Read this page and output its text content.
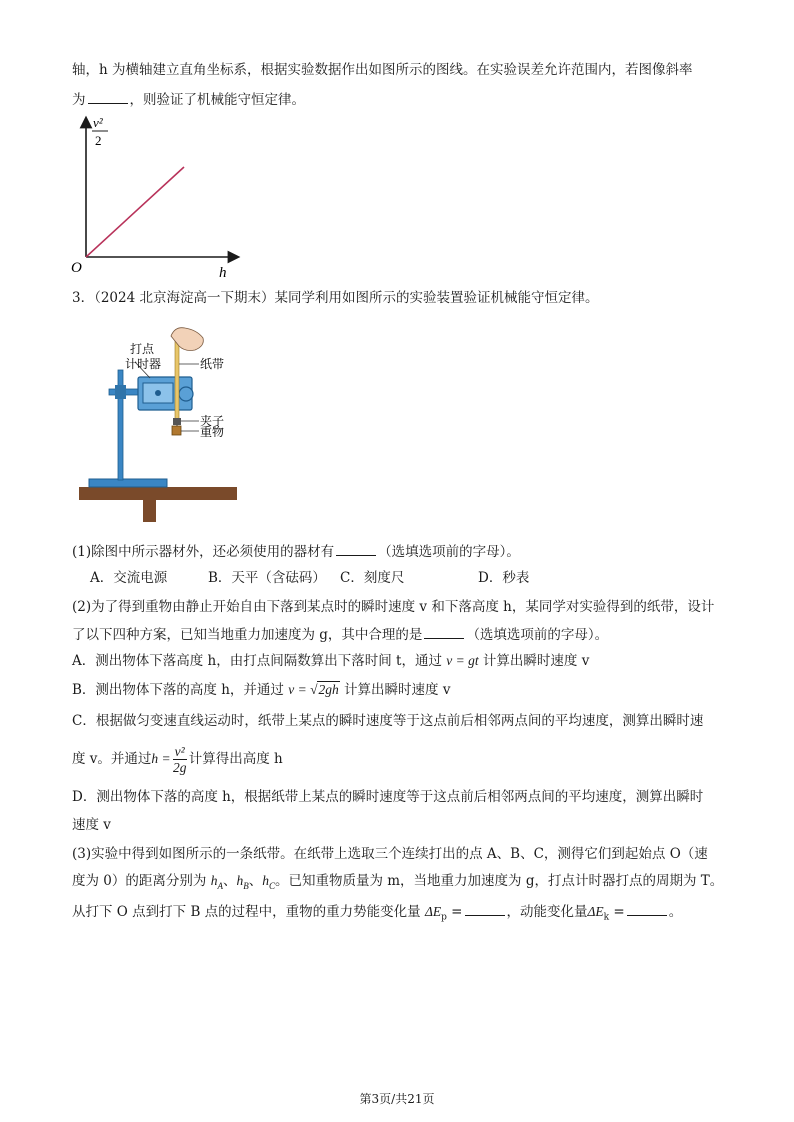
轴，h 为横轴建立直角坐标系，根据实验数据作出如图所示的图线。在实验误差允许范围内，若图像斜率
为	，则验证了机械能守恒定律。
v²
2
O	h
3．（2024 北京海淀高一下期末）某同学利用如图所示的实验装置验证机械能守恒定律。
打点
计时器	纸带
夹子
重物
(1)除图中所示器材外，还必须使用的器材有	（选填选项前的字母）。
A．交流电源	B．天平（含砝码） C．刻度尺	D．秒表
(2)为了得到重物由静止开始自由下落到某点时的瞬时速度 v 和下落高度 h，某同学对实验得到的纸带，设计
了以下四种方案，已知当地重力加速度为 g，其中合理的是	（选填选项前的字母）。
A．测出物体下落高度 h，由打点间隔数算出下落时间 t，通过 v = gt 计算出瞬时速度 v
B．测出物体下落的高度 h，并通过 v = √2gh 计算出瞬时速度 v
C．根据做匀变速直线运动时，纸带上某点的瞬时速度等于这点前后相邻两点间的平均速度，测算出瞬时速
度 v。并通过$h = \frac{\text{v²}}{2g}$ 计算得出高度 h
D．测出物体下落的高度 h，根据纸带上某点的瞬时速度等于这点前后相邻两点间的平均速度，测算出瞬时
速度 v
(3)实验中得到如图所示的一条纸带。在纸带上选取三个连续打出的点 A、B、C，测得它们到起始点 O（速
度为 0）的距离分别为 $h_A$、$h_B$、$h_C$。已知重物质量为 m，当地重力加速度为 g，打点计时器打点的周期为 T。
从打下 O 点到打下 B 点的过程中，重物的重力势能变化量 $\Delta E_p$ =	，动能变化量$\Delta E_k$ =	。
第3页/共21页
